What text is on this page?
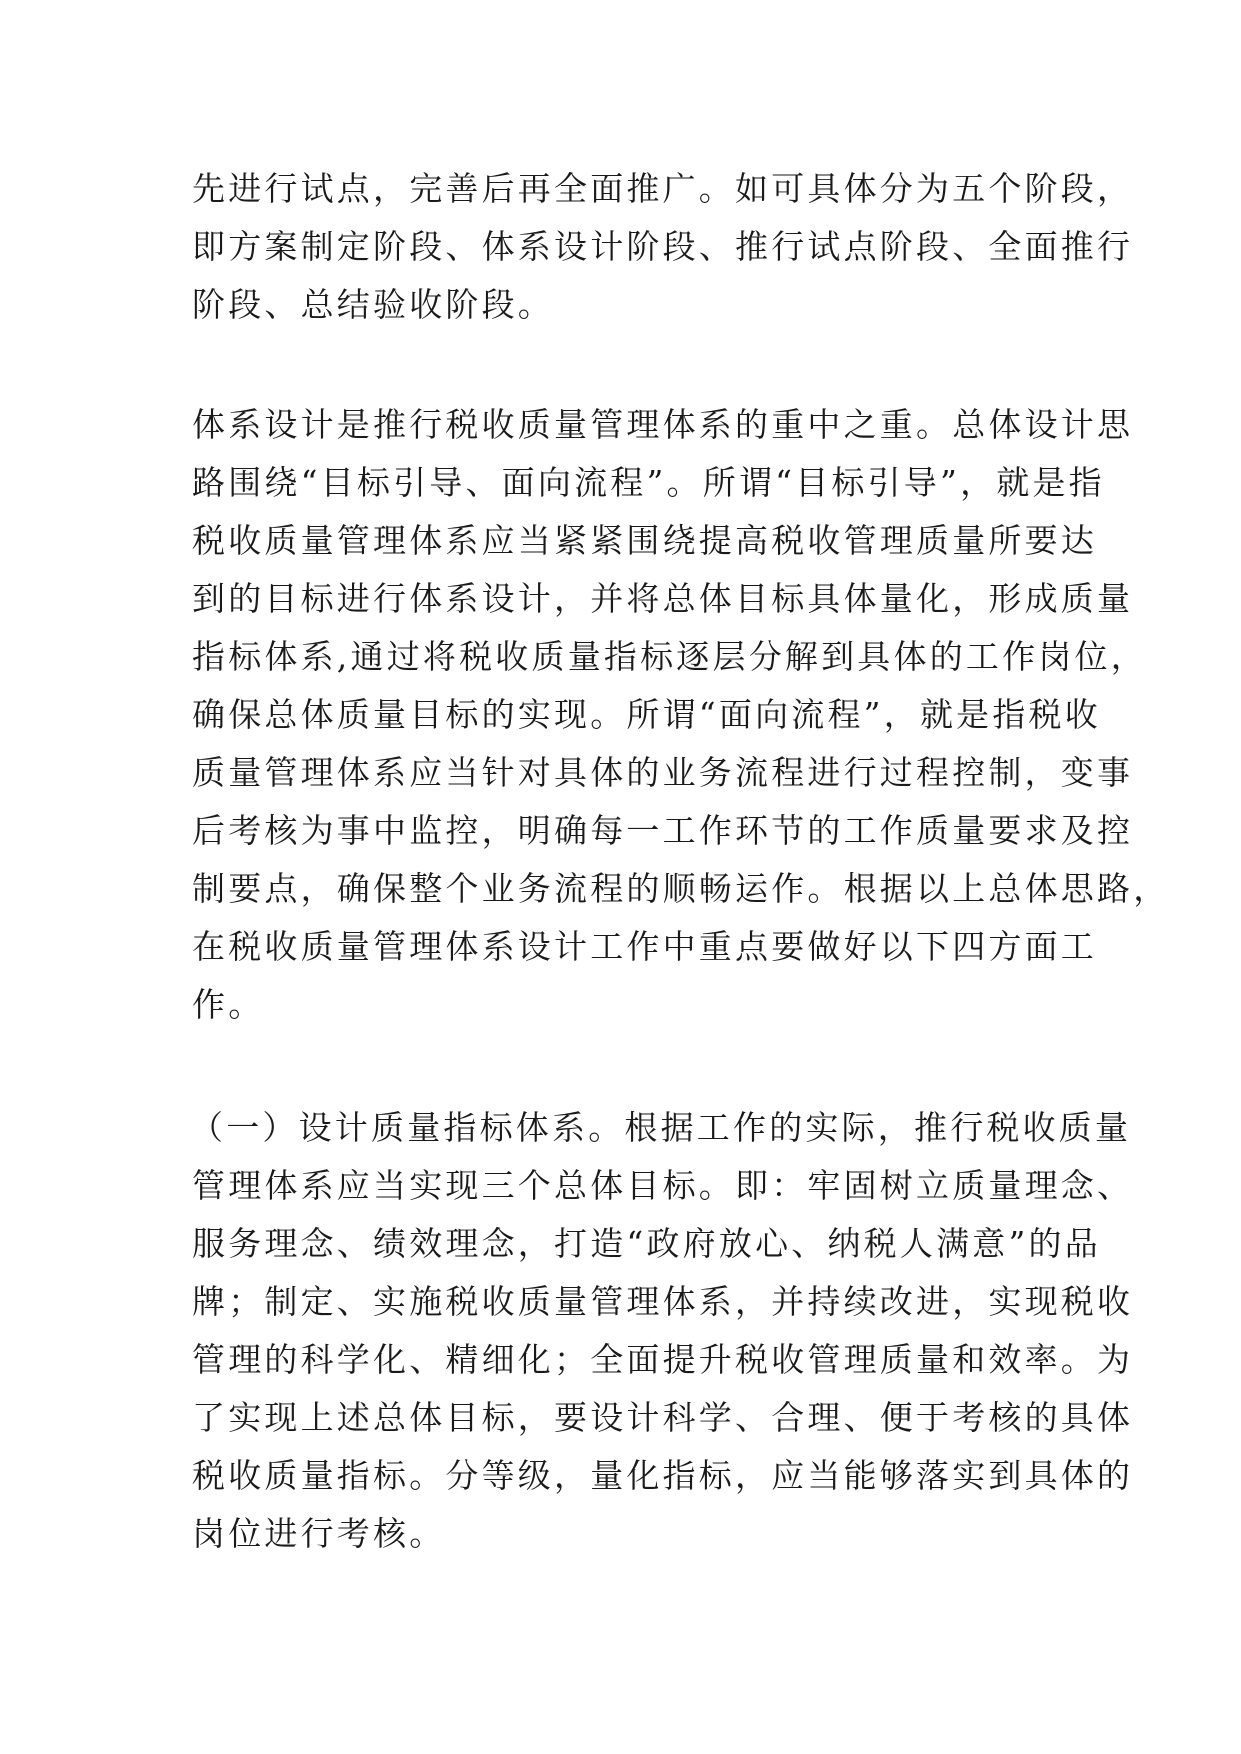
先进行试点，完善后再全面推广。如可具体分为五个阶段，
即方案制定阶段、体系设计阶段、推行试点阶段、全面推行
阶段、总结验收阶段。
体系设计是推行税收质量管理体系的重中之重。总体设计思
路围绕“目标引导、面向流程”。所谓“目标引导”，就是指
税收质量管理体系应当紧紧围绕提高税收管理质量所要达
到的目标进行体系设计，并将总体目标具体量化，形成质量
指标体系,通过将税收质量指标逐层分解到具体的工作岗位，
确保总体质量目标的实现。所谓“面向流程”，就是指税收
质量管理体系应当针对具体的业务流程进行过程控制，变事
后考核为事中监控，明确每一工作环节的工作质量要求及控
制要点，确保整个业务流程的顺畅运作。根据以上总体思路，
在税收质量管理体系设计工作中重点要做好以下四方面工
作。
（一）设计质量指标体系。根据工作的实际，推行税收质量
管理体系应当实现三个总体目标。即：牢固树立质量理念、
服务理念、绩效理念，打造“政府放心、纳税人满意”的品
牌；制定、实施税收质量管理体系，并持续改进，实现税收
管理的科学化、精细化；全面提升税收管理质量和效率。为
了实现上述总体目标，要设计科学、合理、便于考核的具体
税收质量指标。分等级，量化指标，应当能够落实到具体的
岗位进行考核。
